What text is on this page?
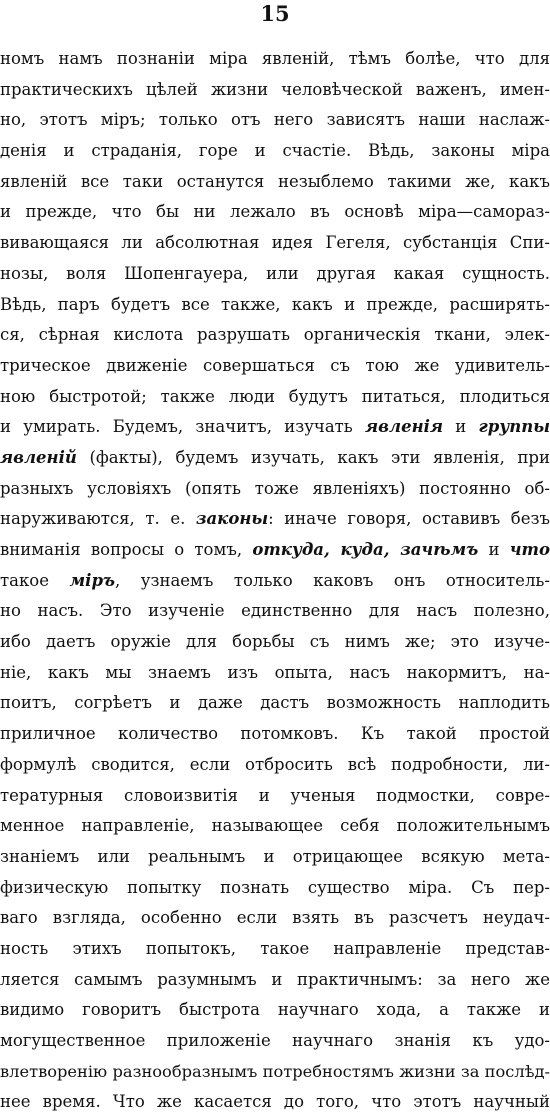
15
номъ намъ познаніи міра явленій, тѣмъ болѣе, что для
практическихъ цѣлей жизни человѣческой важенъ, имен-
но, этотъ міръ; только отъ него зависятъ наши наслаж-
денія и страданія, горе и счастіе. Вѣдь, законы міра
явленій все таки останутся незыблемо такими же, какъ
и прежде, что бы ни лежало въ основѣ міра—самораз-
вивающаяся ли абсолютная идея Гегеля, субстанція Спи-
нозы, воля Шопенгауера, или другая какая сущность.
Вѣдь, паръ будетъ все также, какъ и прежде, расширять-
ся, сѣрная кислота разрушать органическія ткани, элек-
трическое движеніе совершаться съ тою же удивитель-
ною быстротой; также люди будутъ питаться, плодиться
и умирать. Будемъ, значитъ, изучать явленія и группы
явленій (факты), будемъ изучать, какъ эти явленія, при
разныхъ условіяхъ (опять тоже явленіяхъ) постоянно об-
наруживаются, т. е. законы: иначе говоря, оставивъ безъ
вниманія вопросы о томъ, откуда, куда, зачѣмъ и что
такое міръ, узнаемъ только каковъ онъ относитель-
но насъ. Это изученіе единственно для насъ полезно,
ибо даетъ оружіе для борьбы съ нимъ же; это изуче-
ніе, какъ мы знаемъ изъ опыта, насъ накормитъ, на-
поитъ, согрѣетъ и даже дастъ возможность наплодить
приличное количество потомковъ. Къ такой простой
формулѣ сводится, если отбросить всѣ подробности, ли-
тературныя словоизвитія и ученыя подмостки, совре-
менное направленіе, называющее себя положительнымъ
знаніемъ или реальнымъ и отрицающее всякую мета-
физическую попытку познать существо міра. Съ пер-
ваго взгляда, особенно если взять въ разсчетъ неудач-
ность этихъ попытокъ, такое направленіе представ-
ляется самымъ разумнымъ и практичнымъ: за него же
видимо говоритъ быстрота научнаго хода, а также и
могущественное приложеніе научнаго знанія къ удо-
влетворенію разнообразнымъ потребностямъ жизни за послѣд-
нее время. Что же касается до того, что этотъ научный
